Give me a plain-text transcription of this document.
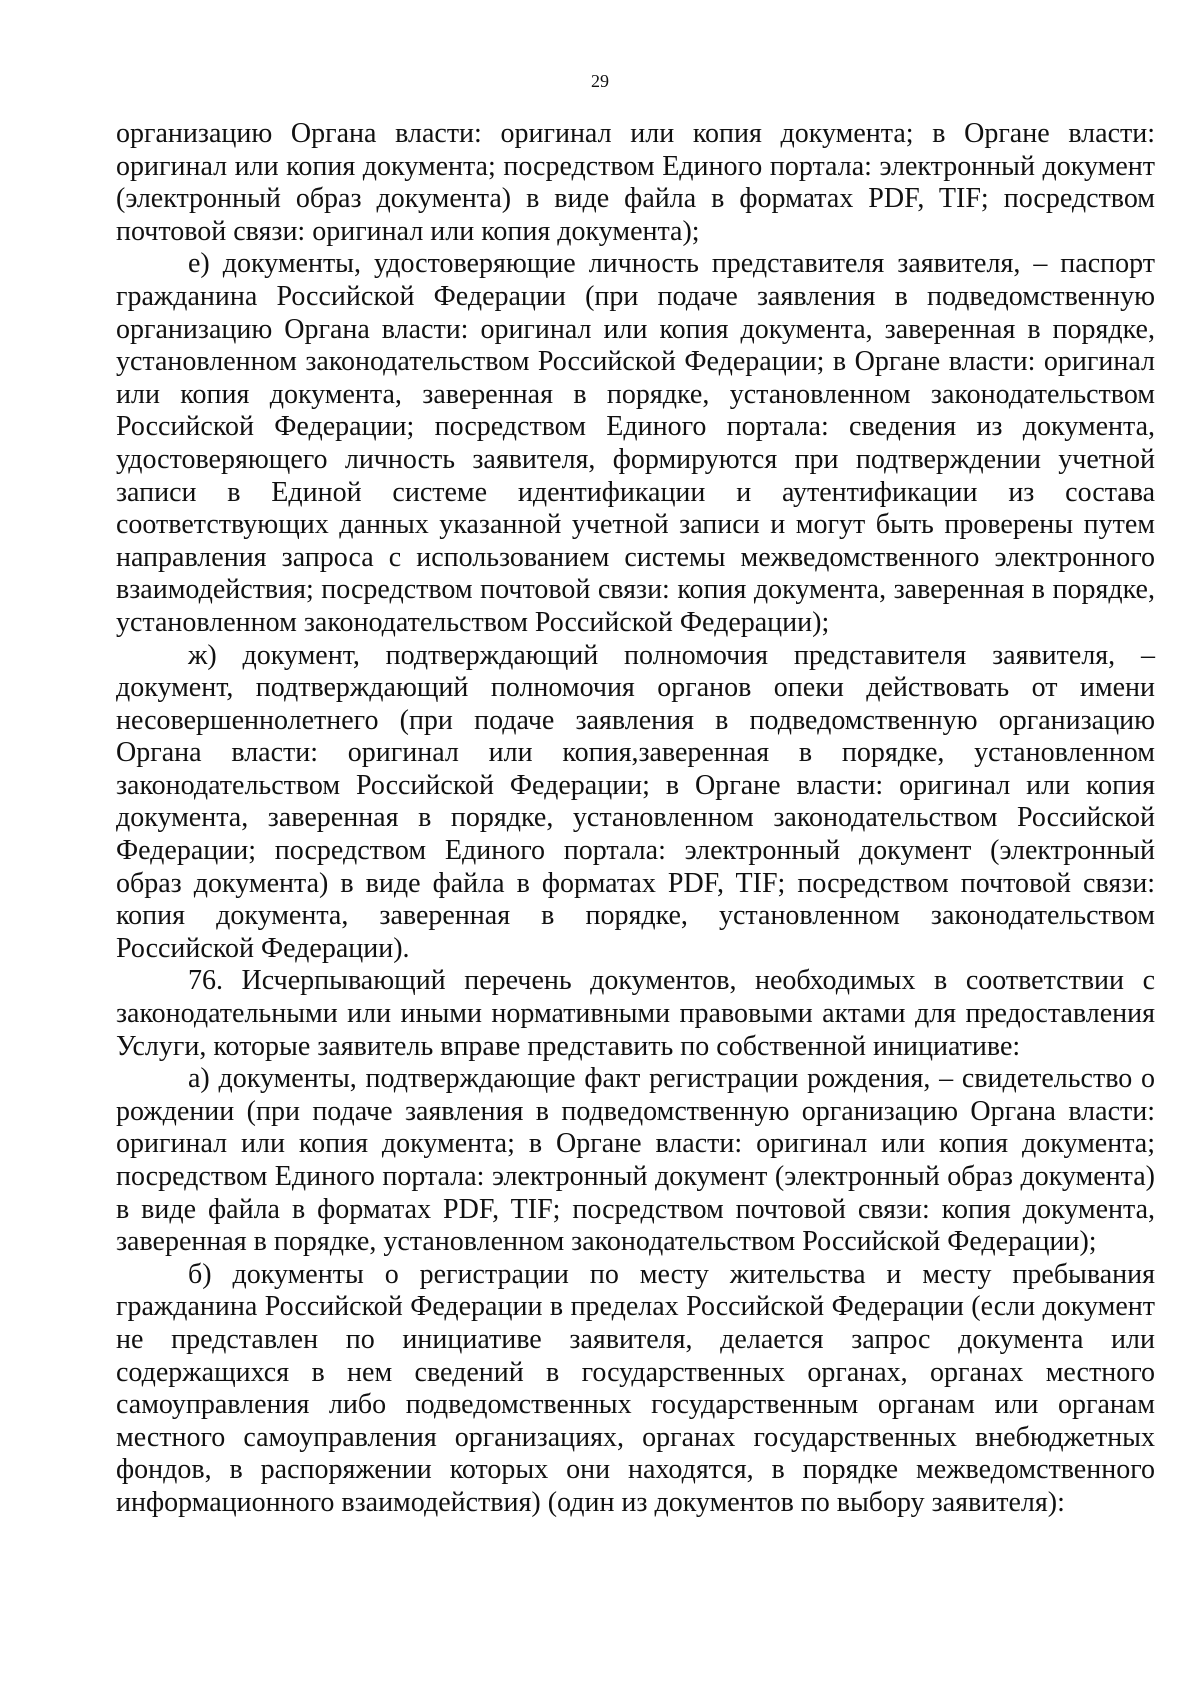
29

организацию Органа власти: оригинал или копия документа; в Органе власти: оригинал или копия документа; посредством Единого портала: электронный документ (электронный образ документа) в виде файла в форматах PDF, TIF; посредством почтовой связи: оригинал или копия документа);

е) документы, удостоверяющие личность представителя заявителя, – паспорт гражданина Российской Федерации (при подаче заявления в подведомственную организацию Органа власти: оригинал или копия документа, заверенная в порядке, установленном законодательством Российской Федерации; в Органе власти: оригинал или копия документа, заверенная в порядке, установленном законодательством Российской Федерации; посредством Единого портала: сведения из документа, удостоверяющего личность заявителя, формируются при подтверждении учетной записи в Единой системе идентификации и аутентификации из состава соответствующих данных указанной учетной записи и могут быть проверены путем направления запроса с использованием системы межведомственного электронного взаимодействия; посредством почтовой связи: копия документа, заверенная в порядке, установленном законодательством Российской Федерации);

ж) документ, подтверждающий полномочия представителя заявителя, – документ, подтверждающий полномочия органов опеки действовать от имени несовершеннолетнего (при подаче заявления в подведомственную организацию Органа власти: оригинал или копия,заверенная в порядке, установленном законодательством Российской Федерации; в Органе власти: оригинал или копия документа, заверенная в порядке, установленном законодательством Российской Федерации; посредством Единого портала: электронный документ (электронный образ документа) в виде файла в форматах PDF, TIF; посредством почтовой связи: копия документа, заверенная в порядке, установленном законодательством Российской Федерации).

76. Исчерпывающий перечень документов, необходимых в соответствии с законодательными или иными нормативными правовыми актами для предоставления Услуги, которые заявитель вправе представить по собственной инициативе:

а) документы, подтверждающие факт регистрации рождения, – свидетельство о рождении (при подаче заявления в подведомственную организацию Органа власти: оригинал или копия документа; в Органе власти: оригинал или копия документа; посредством Единого портала: электронный документ (электронный образ документа) в виде файла в форматах PDF, TIF; посредством почтовой связи: копия документа, заверенная в порядке, установленном законодательством Российской Федерации);

б) документы о регистрации по месту жительства и месту пребывания гражданина Российской Федерации в пределах Российской Федерации (если документ не представлен по инициативе заявителя, делается запрос документа или содержащихся в нем сведений в государственных органах, органах местного самоуправления либо подведомственных государственным органам или органам местного самоуправления организациях, органах государственных внебюджетных фондов, в распоряжении которых они находятся, в порядке межведомственного информационного взаимодействия) (один из документов по выбору заявителя):
